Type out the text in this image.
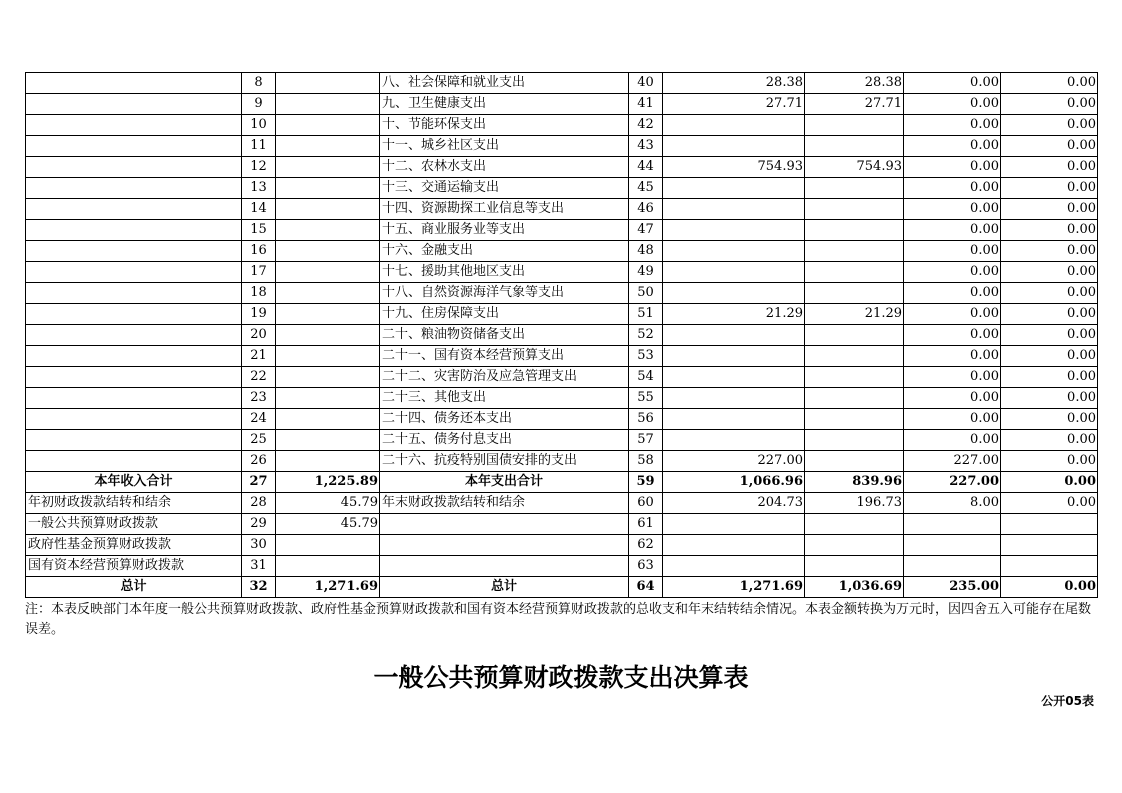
	8		八、社会保障和就业支出	40	28.38	28.38	0.00	0.00
	9		九、卫生健康支出	41	27.71	27.71	0.00	0.00
	10		十、节能环保支出	42			0.00	0.00
	11		十一、城乡社区支出	43			0.00	0.00
	12		十二、农林水支出	44	754.93	754.93	0.00	0.00
	13		十三、交通运输支出	45			0.00	0.00
	14		十四、资源勘探工业信息等支出	46			0.00	0.00
	15		十五、商业服务业等支出	47			0.00	0.00
	16		十六、金融支出	48			0.00	0.00
	17		十七、援助其他地区支出	49			0.00	0.00
	18		十八、自然资源海洋气象等支出	50			0.00	0.00
	19		十九、住房保障支出	51	21.29	21.29	0.00	0.00
	20		二十、粮油物资储备支出	52			0.00	0.00
	21		二十一、国有资本经营预算支出	53			0.00	0.00
	22		二十二、灾害防治及应急管理支出	54			0.00	0.00
	23		二十三、其他支出	55			0.00	0.00
	24		二十四、债务还本支出	56			0.00	0.00
	25		二十五、债务付息支出	57			0.00	0.00
	26		二十六、抗疫特别国债安排的支出	58	227.00		227.00	0.00
本年收入合计	27	1,225.89	本年支出合计	59	1,066.96	839.96	227.00	0.00
年初财政拨款结转和结余	28	45.79	年末财政拨款结转和结余	60	204.73	196.73	8.00	0.00
一般公共预算财政拨款	29	45.79		61				
政府性基金预算财政拨款	30			62				
国有资本经营预算财政拨款	31			63				
总计	32	1,271.69	总计	64	1,271.69	1,036.69	235.00	0.00
注：本表反映部门本年度一般公共预算财政拨款、政府性基金预算财政拨款和国有资本经营预算财政拨款的总收支和年末结转结余情况。本表金额转换为万元时，因四舍五入可能存在尾数误差。
一般公共预算财政拨款支出决算表
公开05表
